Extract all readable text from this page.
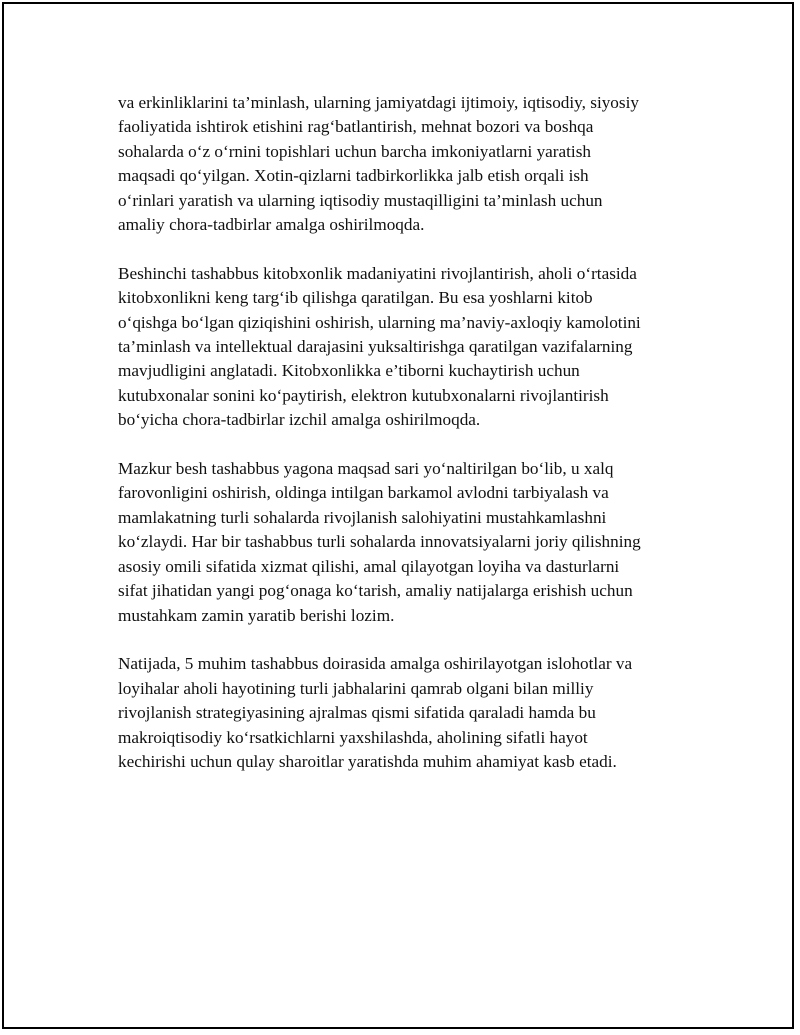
va erkinliklarini ta’minlash, ularning jamiyatdagi ijtimoiy, iqtisodiy, siyosiy
faoliyatida ishtirok etishini rag‘batlantirish, mehnat bozori va boshqa
sohalarda o‘z o‘rnini topishlari uchun barcha imkoniyatlarni yaratish
maqsadi qo‘yilgan. Xotin-qizlarni tadbirkorlikka jalb etish orqali ish
o‘rinlari yaratish va ularning iqtisodiy mustaqilligini ta’minlash uchun
amaliy chora-tadbirlar amalga oshirilmoqda.

Beshinchi tashabbus kitobxonlik madaniyatini rivojlantirish, aholi o‘rtasida
kitobxonlikni keng targ‘ib qilishga qaratilgan. Bu esa yoshlarni kitob
o‘qishga bo‘lgan qiziqishini oshirish, ularning ma’naviy-axloqiy kamolotini
ta’minlash va intellektual darajasini yuksaltirishga qaratilgan vazifalarning
mavjudligini anglatadi. Kitobxonlikka e’tiborni kuchaytirish uchun
kutubxonalar sonini ko‘paytirish, elektron kutubxonalarni rivojlantirish
bo‘yicha chora-tadbirlar izchil amalga oshirilmoqda.

Mazkur besh tashabbus yagona maqsad sari yo‘naltirilgan bo‘lib, u xalq
farovonligini oshirish, oldinga intilgan barkamol avlodni tarbiyalash va
mamlakatning turli sohalarda rivojlanish salohiyatini mustahkamlashni
ko‘zlaydi. Har bir tashabbus turli sohalarda innovatsiyalarni joriy qilishning
asosiy omili sifatida xizmat qilishi, amal qilayotgan loyiha va dasturlarni
sifat jihatidan yangi pog‘onaga ko‘tarish, amaliy natijalarga erishish uchun
mustahkam zamin yaratib berishi lozim.

Natijada, 5 muhim tashabbus doirasida amalga oshirilayotgan islohotlar va
loyihalar aholi hayotining turli jabhalarini qamrab olgani bilan milliy
rivojlanish strategiyasining ajralmas qismi sifatida qaraladi hamda bu
makroiqtisodiy ko‘rsatkichlarni yaxshilashda, aholining sifatli hayot
kechirishi uchun qulay sharoitlar yaratishda muhim ahamiyat kasb etadi.
